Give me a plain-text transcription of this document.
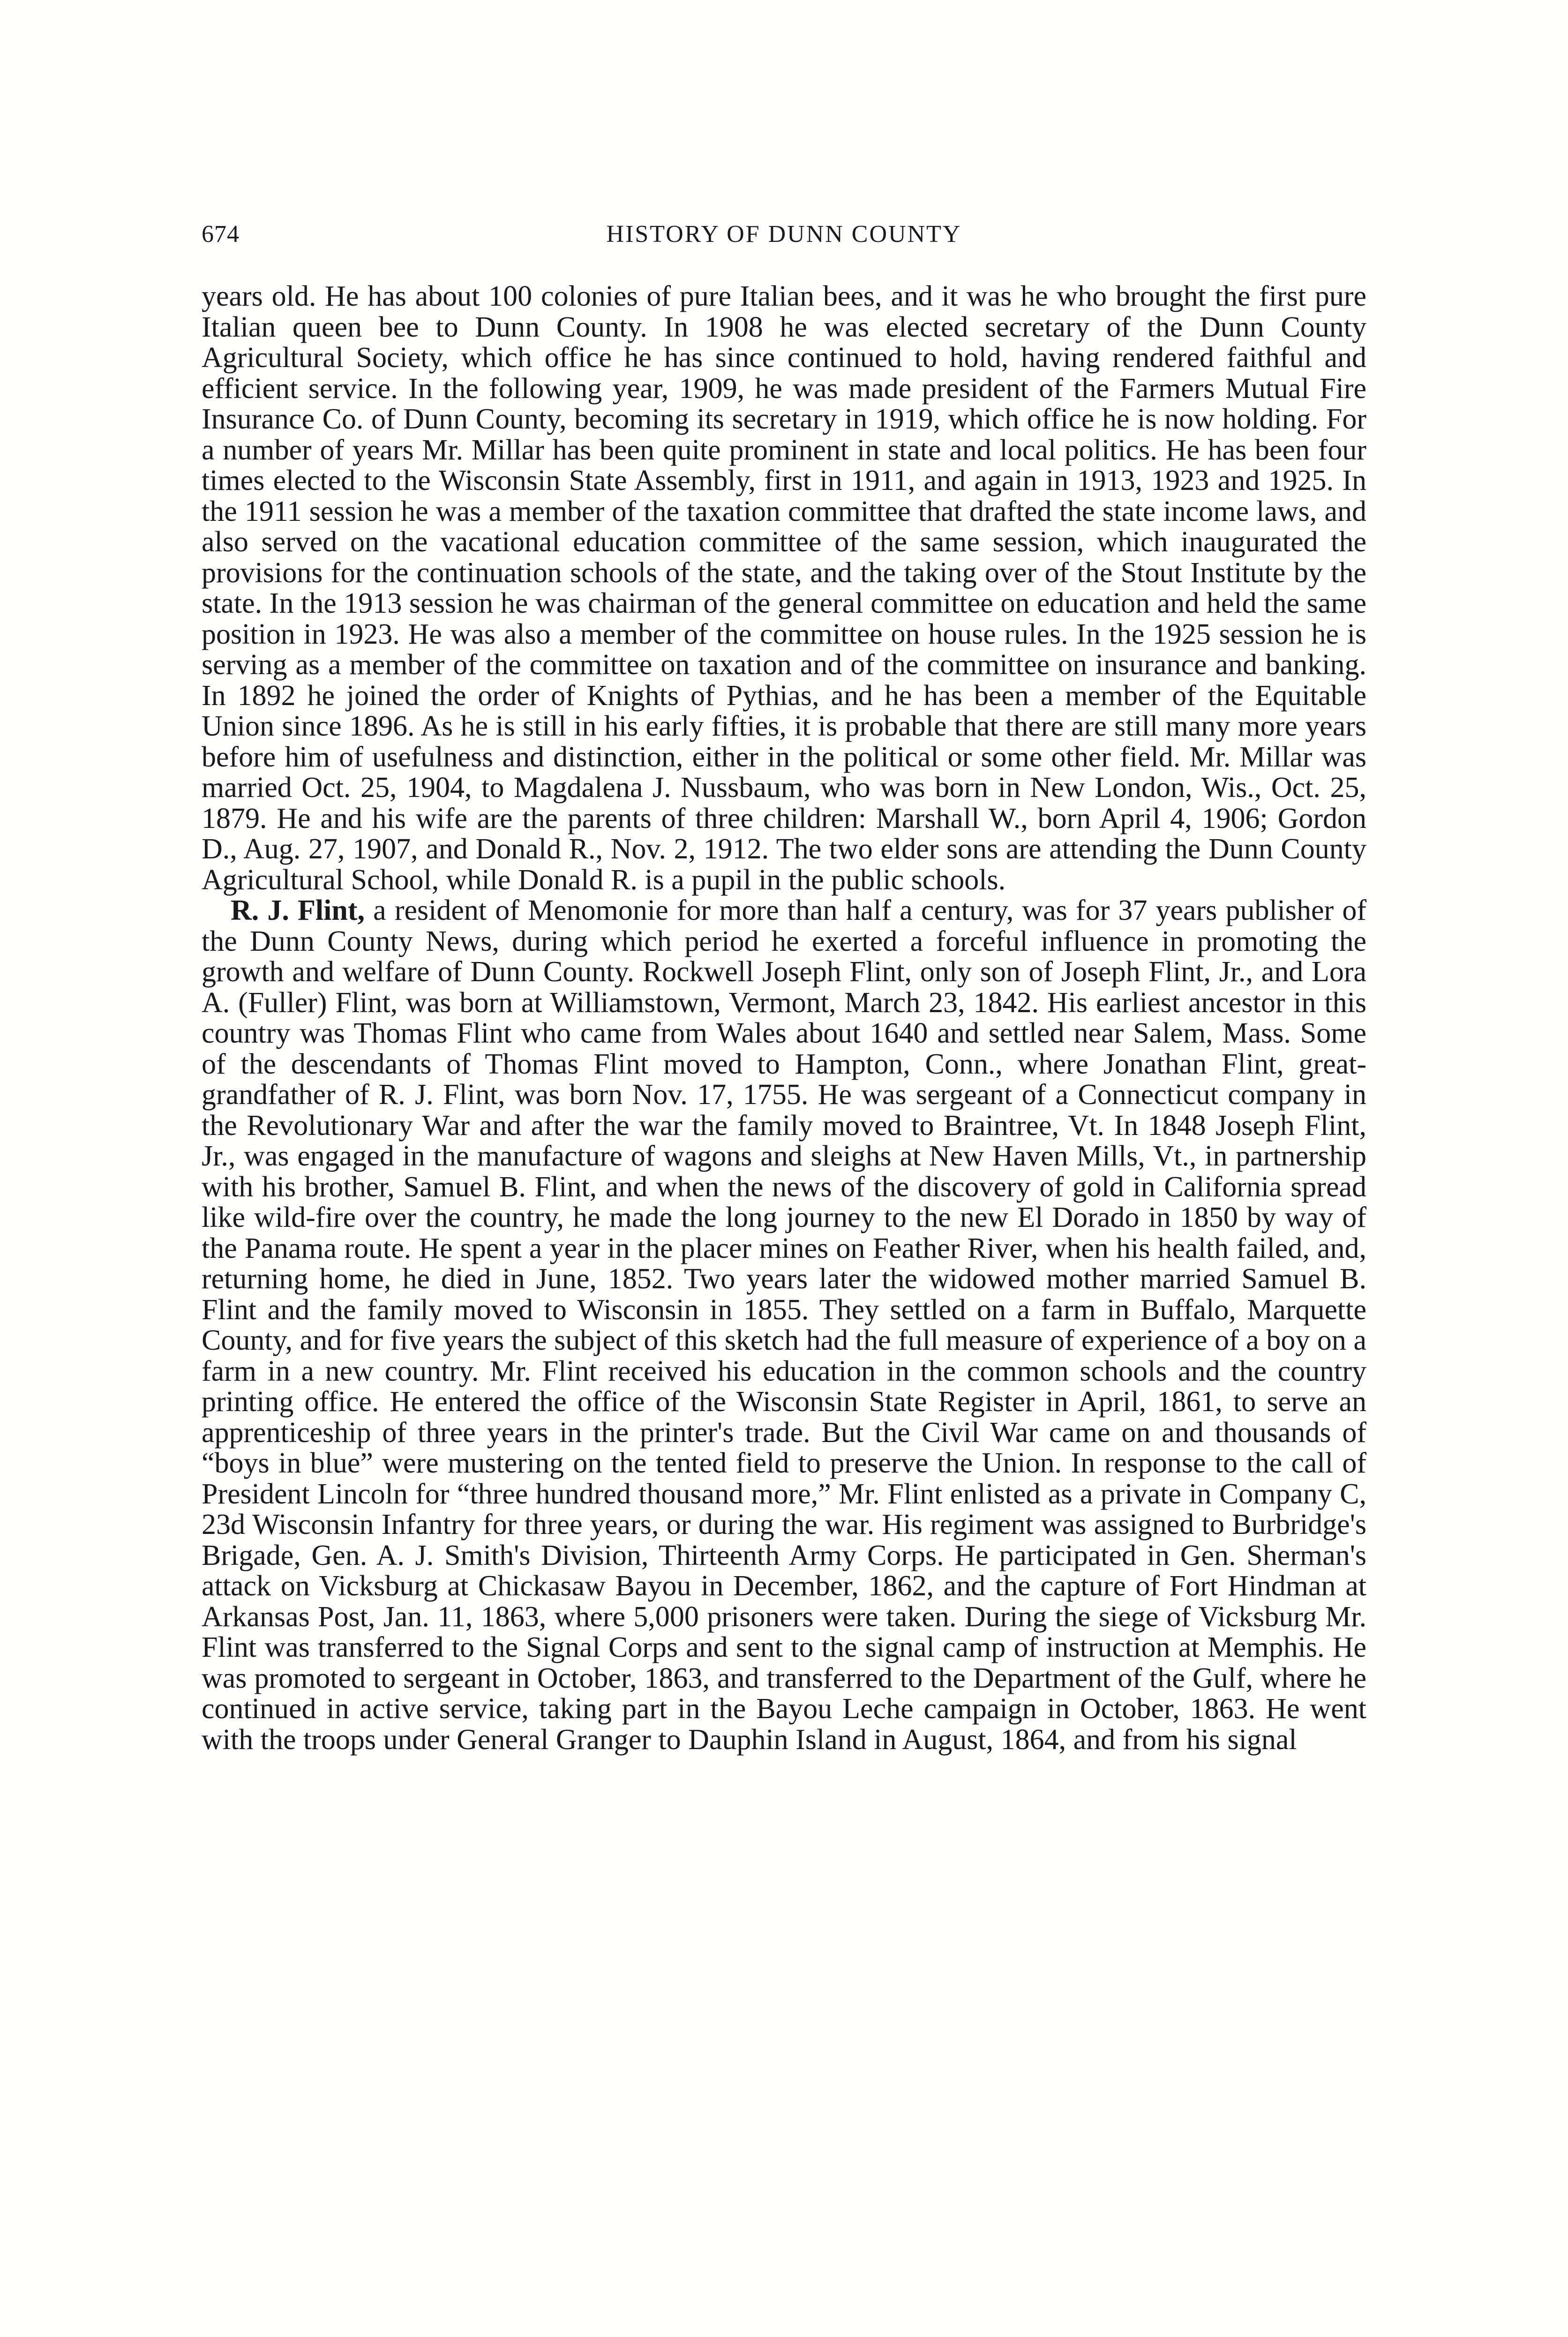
674	HISTORY OF DUNN COUNTY

years old. He has about 100 colonies of pure Italian bees, and it was he who brought the first pure Italian queen bee to Dunn County. In 1908 he was elected secretary of the Dunn County Agricultural Society, which office he has since continued to hold, having rendered faithful and efficient service. In the following year, 1909, he was made president of the Farmers Mutual Fire Insurance Co. of Dunn County, becoming its secretary in 1919, which office he is now holding. For a number of years Mr. Millar has been quite prominent in state and local politics. He has been four times elected to the Wisconsin State Assembly, first in 1911, and again in 1913, 1923 and 1925. In the 1911 session he was a member of the taxation committee that drafted the state income laws, and also served on the vacational education committee of the same session, which inaugurated the provisions for the continuation schools of the state, and the taking over of the Stout Institute by the state. In the 1913 session he was chairman of the general committee on education and held the same position in 1923. He was also a member of the committee on house rules. In the 1925 session he is serving as a member of the committee on taxation and of the committee on insurance and banking. In 1892 he joined the order of Knights of Pythias, and he has been a member of the Equitable Union since 1896. As he is still in his early fifties, it is probable that there are still many more years before him of usefulness and distinction, either in the political or some other field. Mr. Millar was married Oct. 25, 1904, to Magdalena J. Nussbaum, who was born in New London, Wis., Oct. 25, 1879. He and his wife are the parents of three children: Marshall W., born April 4, 1906; Gordon D., Aug. 27, 1907, and Donald R., Nov. 2, 1912. The two elder sons are attending the Dunn County Agricultural School, while Donald R. is a pupil in the public schools.

R. J. Flint, a resident of Menomonie for more than half a century, was for 37 years publisher of the Dunn County News, during which period he exerted a forceful influence in promoting the growth and welfare of Dunn County. Rockwell Joseph Flint, only son of Joseph Flint, Jr., and Lora A. (Fuller) Flint, was born at Williamstown, Vermont, March 23, 1842. His earliest ancestor in this country was Thomas Flint who came from Wales about 1640 and settled near Salem, Mass. Some of the descendants of Thomas Flint moved to Hampton, Conn., where Jonathan Flint, great-grandfather of R. J. Flint, was born Nov. 17, 1755. He was sergeant of a Connecticut company in the Revolutionary War and after the war the family moved to Braintree, Vt. In 1848 Joseph Flint, Jr., was engaged in the manufacture of wagons and sleighs at New Haven Mills, Vt., in partnership with his brother, Samuel B. Flint, and when the news of the discovery of gold in California spread like wild-fire over the country, he made the long journey to the new El Dorado in 1850 by way of the Panama route. He spent a year in the placer mines on Feather River, when his health failed, and, returning home, he died in June, 1852. Two years later the widowed mother married Samuel B. Flint and the family moved to Wisconsin in 1855. They settled on a farm in Buffalo, Marquette County, and for five years the subject of this sketch had the full measure of experience of a boy on a farm in a new country. Mr. Flint received his education in the common schools and the country printing office. He entered the office of the Wisconsin State Register in April, 1861, to serve an apprenticeship of three years in the printer's trade. But the Civil War came on and thousands of “boys in blue” were mustering on the tented field to preserve the Union. In response to the call of President Lincoln for “three hundred thousand more,” Mr. Flint enlisted as a private in Company C, 23d Wisconsin Infantry for three years, or during the war. His regiment was assigned to Burbridge's Brigade, Gen. A. J. Smith's Division, Thirteenth Army Corps. He participated in Gen. Sherman's attack on Vicksburg at Chickasaw Bayou in December, 1862, and the capture of Fort Hindman at Arkansas Post, Jan. 11, 1863, where 5,000 prisoners were taken. During the siege of Vicksburg Mr. Flint was transferred to the Signal Corps and sent to the signal camp of instruction at Memphis. He was promoted to sergeant in October, 1863, and transferred to the Department of the Gulf, where he continued in active service, taking part in the Bayou Leche campaign in October, 1863. He went with the troops under General Granger to Dauphin Island in August, 1864, and from his signal
